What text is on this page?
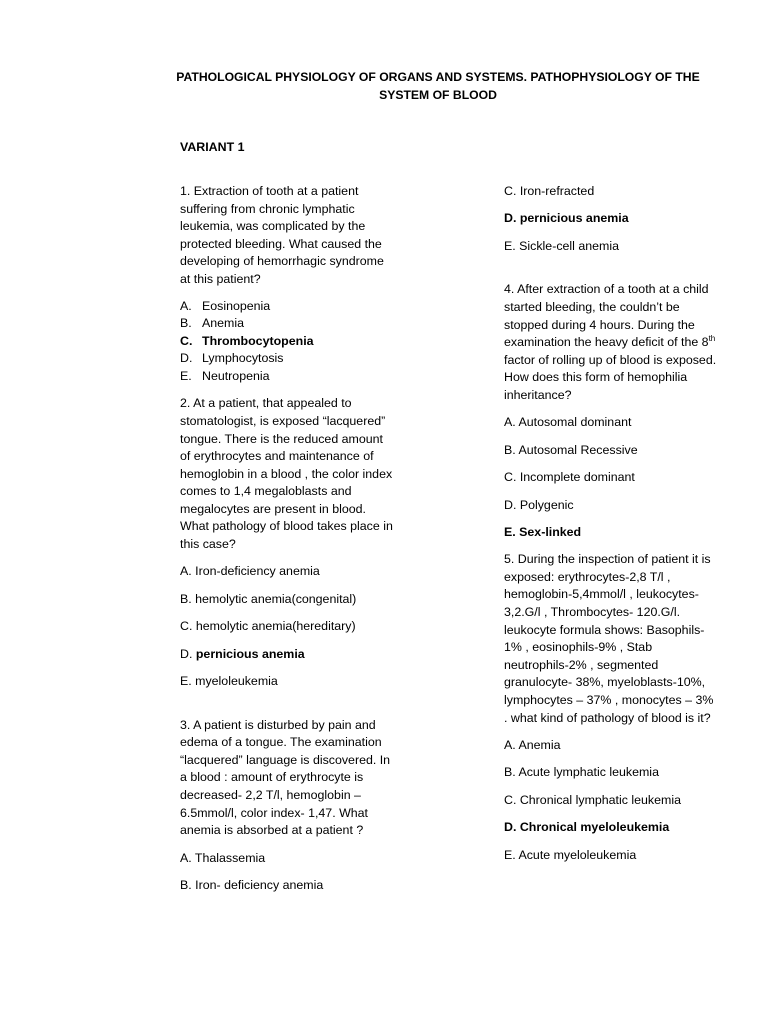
PATHOLOGICAL PHYSIOLOGY OF ORGANS AND SYSTEMS. PATHOPHYSIOLOGY OF THE SYSTEM OF BLOOD
VARIANT 1

1. Extraction of tooth at a patient suffering from chronic lymphatic leukemia, was complicated by the protected bleeding. What caused the developing of hemorrhagic syndrome at this patient?

A. Eosinopenia
B. Anemia
C. Thrombocytopenia
D. Lymphocytosis
E. Neutropenia

2. At a patient, that appealed to stomatologist, is exposed “lacquered” tongue. There is the reduced amount of erythrocytes and maintenance of hemoglobin in a blood , the color index comes to 1,4 megaloblasts and megalocytes are present in blood. What pathology of blood takes place in this case?

A. Iron-deficiency anemia

B. hemolytic anemia(congenital)

C. hemolytic anemia(hereditary)

D. pernicious anemia

E. myeloleukemia

3. A patient is disturbed by pain and edema of a tongue. The examination “lacquered” language is discovered. In a blood : amount of erythrocyte is decreased- 2,2 T/l, hemoglobin – 6.5mmol/l, color index- 1,47. What anemia is absorbed at a patient ?

A. Thalassemia

B. Iron- deficiency anemia

C. Iron-refracted

D. pernicious anemia

E. Sickle-cell anemia

4. After extraction of a tooth at a child started bleeding, the couldn’t be stopped during 4 hours. During the examination the heavy deficit of the 8th factor of rolling up of blood is exposed. How does this form of hemophilia inheritance?

A. Autosomal dominant

B. Autosomal Recessive

C. Incomplete dominant

D. Polygenic

E. Sex-linked

5. During the inspection of patient it is exposed: erythrocytes-2,8 T/l , hemoglobin-5,4mmol/l , leukocytes-3,2.G/l , Thrombocytes- 120.G/l. leukocyte formula shows: Basophils-1% , eosinophils-9% , Stab neutrophils-2% , segmented granulocyte- 38%, myeloblasts-10%, lymphocytes – 37% , monocytes – 3% . what kind of pathology of blood is it?

A. Anemia

B. Acute lymphatic leukemia

C. Chronical lymphatic leukemia

D. Chronical myeloleukemia

E. Acute myeloleukemia
